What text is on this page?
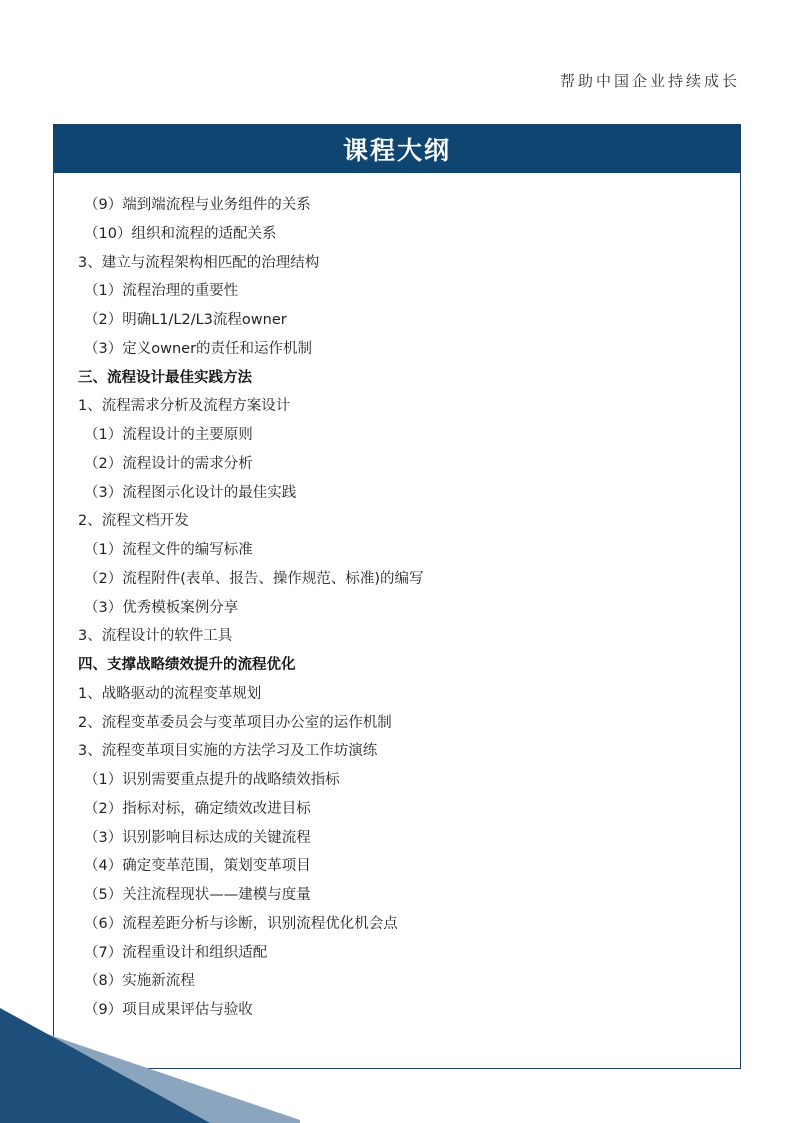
帮助中国企业持续成长
课程大纲
（9）端到端流程与业务组件的关系
（10）组织和流程的适配关系
3、建立与流程架构相匹配的治理结构
（1）流程治理的重要性
（2）明确L1/L2/L3流程owner
（3）定义owner的责任和运作机制
三、流程设计最佳实践方法
1、流程需求分析及流程方案设计
（1）流程设计的主要原则
（2）流程设计的需求分析
（3）流程图示化设计的最佳实践
2、流程文档开发
（1）流程文件的编写标准
（2）流程附件(表单、报告、操作规范、标准)的编写
（3）优秀模板案例分享
3、流程设计的软件工具
四、支撑战略绩效提升的流程优化
1、战略驱动的流程变革规划
2、流程变革委员会与变革项目办公室的运作机制
3、流程变革项目实施的方法学习及工作坊演练
（1）识别需要重点提升的战略绩效指标
（2）指标对标，确定绩效改进目标
（3）识别影响目标达成的关键流程
（4）确定变革范围，策划变革项目
（5）关注流程现状——建模与度量
（6）流程差距分析与诊断，识别流程优化机会点
（7）流程重设计和组织适配
（8）实施新流程
（9）项目成果评估与验收
